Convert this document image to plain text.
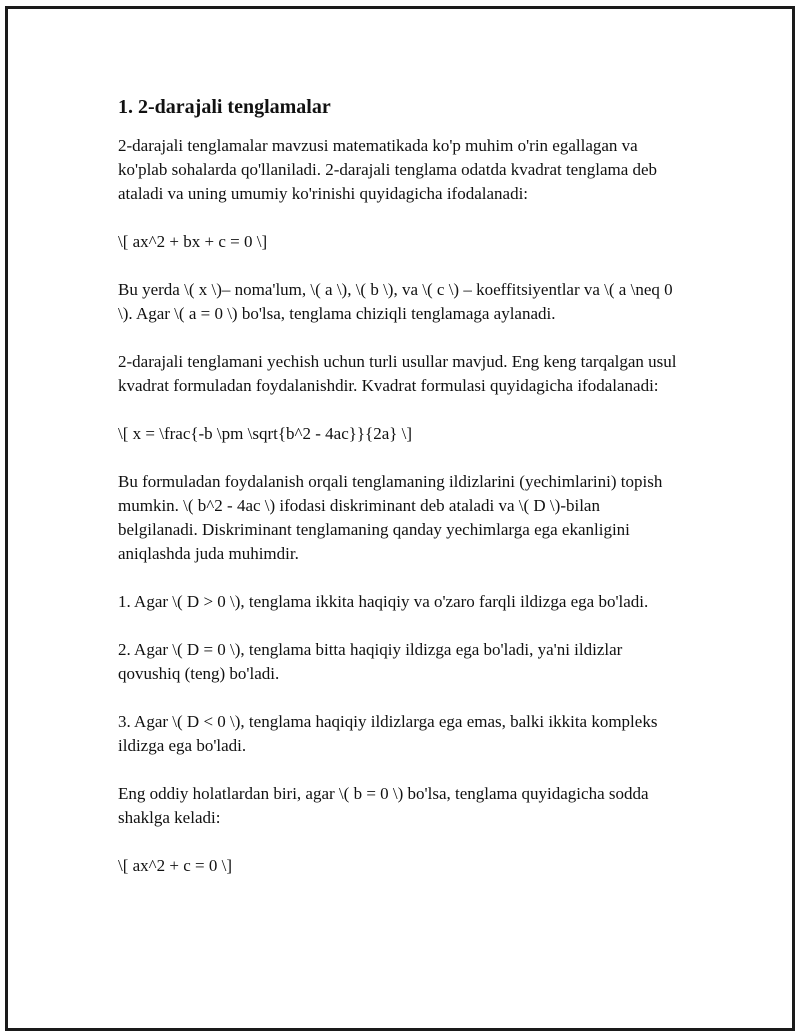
1. 2-darajali tenglamalar

2-darajali tenglamalar mavzusi matematikada ko'p muhim o'rin egallagan va ko'plab sohalarda qo'llaniladi. 2-darajali tenglama odatda kvadrat tenglama deb ataladi va uning umumiy ko'rinishi quyidagicha ifodalanadi:

\[ ax^2 + bx + c = 0 \]

Bu yerda \( x \)– noma'lum, \( a \), \( b \), va \( c \) – koeffitsiyentlar va \( a \neq 0 \). Agar \( a = 0 \) bo'lsa, tenglama chiziqli tenglamaga aylanadi.

2-darajali tenglamani yechish uchun turli usullar mavjud. Eng keng tarqalgan usul kvadrat formuladan foydalanishdir. Kvadrat formulasi quyidagicha ifodalanadi:

\[ x = \frac{-b \pm \sqrt{b^2 - 4ac}}{2a} \]

Bu formuladan foydalanish orqali tenglamaning ildizlarini (yechimlarini) topish mumkin. \( b^2 - 4ac \) ifodasi diskriminant deb ataladi va \( D \)-bilan belgilanadi. Diskriminant tenglamaning qanday yechimlarga ega ekanligini aniqlashda juda muhimdir.

1. Agar \( D > 0 \), tenglama ikkita haqiqiy va o'zaro farqli ildizga ega bo'ladi.

2. Agar \( D = 0 \), tenglama bitta haqiqiy ildizga ega bo'ladi, ya'ni ildizlar qovushiq (teng) bo'ladi.

3. Agar \( D < 0 \), tenglama haqiqiy ildizlarga ega emas, balki ikkita kompleks ildizga ega bo'ladi.

Eng oddiy holatlardan biri, agar \( b = 0 \) bo'lsa, tenglama quyidagicha sodda shaklga keladi:

\[ ax^2 + c = 0 \]
